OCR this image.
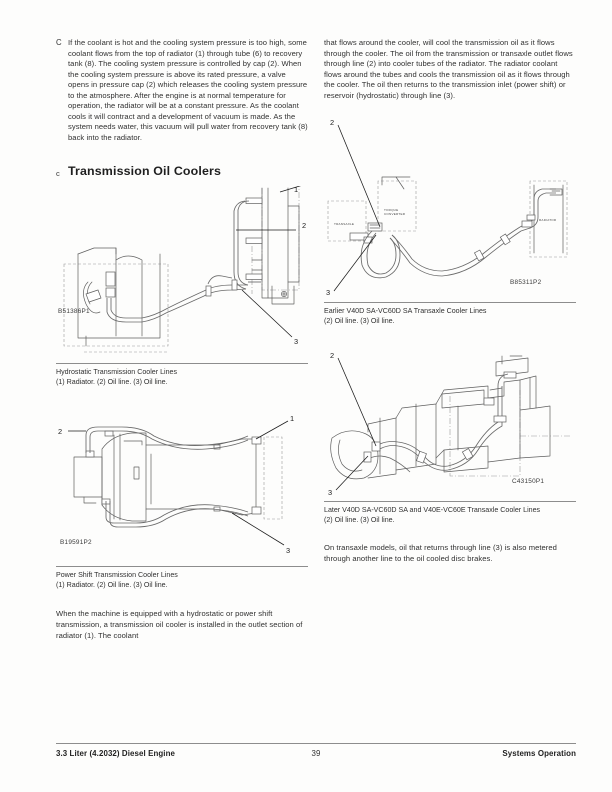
C If the coolant is hot and the cooling system pressure is too high, some coolant flows from the top of radiator (1) through tube (6) to recovery tank (8). The cooling system pressure is controlled by cap (2). When the cooling system pressure is above its rated pressure, a valve opens in pressure cap (2) which releases the cooling system pressure to the atmosphere. After the engine is at normal temperature for operation, the radiator will be at a constant pressure. As the coolant cools it will contract and a development of vacuum is made. As the system needs water, this vacuum will pull water from recovery tank (8) back into the radiator.
c Transmission Oil Coolers
2
1
3
B51386P1

Hydrostatic Transmission Cooler Lines
(1) Radiator. (2) Oil line. (3) Oil line.

1
2
3
B19591P2

Power Shift Transmission Cooler Lines
(1) Radiator. (2) Oil line. (3) Oil line.

When the machine is equipped with a hydrostatic or power shift transmission, a transmission oil cooler is installed in the outlet section of radiator (1). The coolant

that flows around the cooler, will cool the transmission oil as it flows through the cooler. The oil from the transmission or transaxle outlet flows through line (2) into cooler tubes of the radiator. The radiator coolant flows around the tubes and cools the transmission oil as it flows through the cooler. The oil then returns to the transmission inlet (power shift) or reservoir (hydrostatic) through line (3).

RADIATOR
TRANSAXLE
TORQUE
CONVERTER
2
3
B85311P2

Earlier V40D SA-VC60D SA Transaxle Cooler Lines
(2) Oil line. (3) Oil line.

2
3
C43150P1

Later V40D SA-VC60D SA and V40E-VC60E Transaxle Cooler Lines
(2) Oil line. (3) Oil line.

On transaxle models, oil that returns through line (3) is also metered through another line to the oil cooled disc brakes.

3.3 Liter (4.2032) Diesel Engine	39	Systems Operation
